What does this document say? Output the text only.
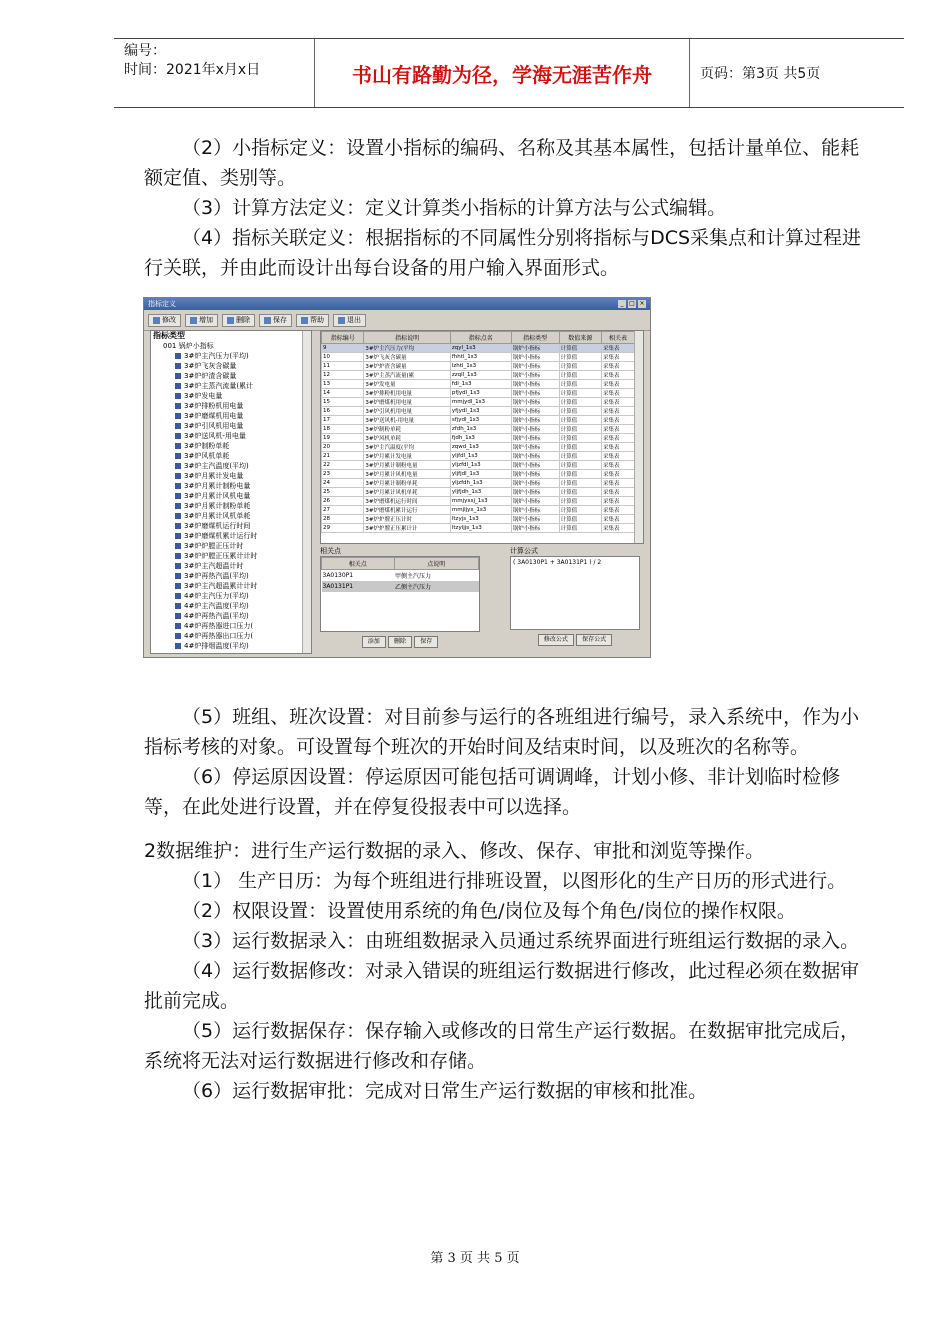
编号：
时间：2021年x月x日	书山有路勤为径，学海无涯苦作舟	页码：第3页 共5页

（2）小指标定义：设置小指标的编码、名称及其基本属性，包括计量单位、能耗额定值、类别等。

（3）计算方法定义：定义计算类小指标的计算方法与公式编辑。

（4）指标关联定义：根据指标的不同属性分别将指标与DCS采集点和计算过程进行关联，并由此而设计出每台设备的用户输入界面形式。

指标定义	_ □ ×
修改	增加	删除	保存	帮助	退出
指标类型
001 锅炉小指标
3#炉主汽压力(平均)
3#炉飞灰含碳量
3#炉炉渣含碳量
3#炉主蒸汽流量(累计
3#炉发电量
3#炉排粉机用电量
3#炉磨煤机用电量
3#炉引风机用电量
3#炉送风机-用电量
3#炉制粉单耗
3#炉风机单耗
3#炉主汽温度(平均)
3#炉月累计发电量
3#炉月累计制粉电量
3#炉月累计风机电量
3#炉月累计制粉单耗
3#炉月累计风机单耗
3#炉磨煤机运行时间
3#炉磨煤机累计运行时
3#炉炉膛正压计时
3#炉炉膛正压累计计时
3#炉主汽超温计时
3#炉再热汽温(平均)
3#炉主汽超温累计计时
4#炉主汽压力(平均)
4#炉主汽温度(平均)
4#炉再热汽温(平均)
4#炉再热器进口压力(
4#炉再热器出口压力(
4#炉排烟温度(平均)
指标编号	指标说明	指标点名	指标类型	数值来源	相关表
9	3#炉主汽压力(平均	zqyl_1s3	锅炉小指标	计算值	采集表
10	3#炉飞灰含碳量	fhhtl_1s3	锅炉小指标	计算值	采集表
11	3#炉炉渣含碳量	lzhtl_1s3	锅炉小指标	计算值	采集表
12	3#炉主蒸汽流量(累	zzqll_1s3	锅炉小指标	计算值	采集表
13	3#炉发电量	fdl_1s3	锅炉小指标	计算值	采集表
14	3#炉排粉机用电量	pfjydl_1s3	锅炉小指标	计算值	采集表
15	3#炉磨煤机用电量	mmjydl_1s3	锅炉小指标	计算值	采集表
16	3#炉引风机用电量	yfjydl_1s3	锅炉小指标	计算值	采集表
17	3#炉送风机-用电量	sfjydl_1s3	锅炉小指标	计算值	采集表
18	3#炉制粉单耗	zfdh_1s3	锅炉小指标	计算值	采集表
19	3#炉风机单耗	fjdh_1s3	锅炉小指标	计算值	采集表
20	3#炉主汽温度(平均	zqwd_1s3	锅炉小指标	计算值	采集表
21	3#炉月累计发电量	yljfdl_1s3	锅炉小指标	计算值	采集表
22	3#炉月累计制粉电量	yljzfdl_1s3	锅炉小指标	计算值	采集表
23	3#炉月累计风机电量	yljfjdl_1s3	锅炉小指标	计算值	采集表
24	3#炉月累计制粉单耗	yljzfdh_1s3	锅炉小指标	计算值	采集表
25	3#炉月累计风机单耗	yljfjdh_1s3	锅炉小指标	计算值	采集表
26	3#炉磨煤机运行时间	mmjyxsj_1s3	锅炉小指标	计算值	采集表
27	3#炉磨煤机累计运行	mmjljyx_1s3	锅炉小指标	计算值	采集表
28	3#炉炉膛正压计时	ltzyjs_1s3	锅炉小指标	计算值	采集表
29	3#炉炉膛正压累计计	ltzyljjs_1s3	锅炉小指标	计算值	采集表
相关点
相关点	点说明
3A0130P1	甲侧主汽压力
3A0131P1	乙侧主汽压力
添加 删除 保存
计算公式
( 3A0130P1 + 3A0131P1 ) / 2
修改公式 保存公式

（5）班组、班次设置：对目前参与运行的各班组进行编号，录入系统中，作为小指标考核的对象。可设置每个班次的开始时间及结束时间，以及班次的名称等。

（6）停运原因设置：停运原因可能包括可调调峰，计划小修、非计划临时检修等，在此处进行设置，并在停复役报表中可以选择。

2数据维护：进行生产运行数据的录入、修改、保存、审批和浏览等操作。

（1） 生产日历：为每个班组进行排班设置，以图形化的生产日历的形式进行。

（2）权限设置：设置使用系统的角色/岗位及每个角色/岗位的操作权限。

（3）运行数据录入：由班组数据录入员通过系统界面进行班组运行数据的录入。

（4）运行数据修改：对录入错误的班组运行数据进行修改，此过程必须在数据审批前完成。

（5）运行数据保存：保存输入或修改的日常生产运行数据。在数据审批完成后，系统将无法对运行数据进行修改和存储。

（6）运行数据审批：完成对日常生产运行数据的审核和批准。

第 3 页 共 5 页
